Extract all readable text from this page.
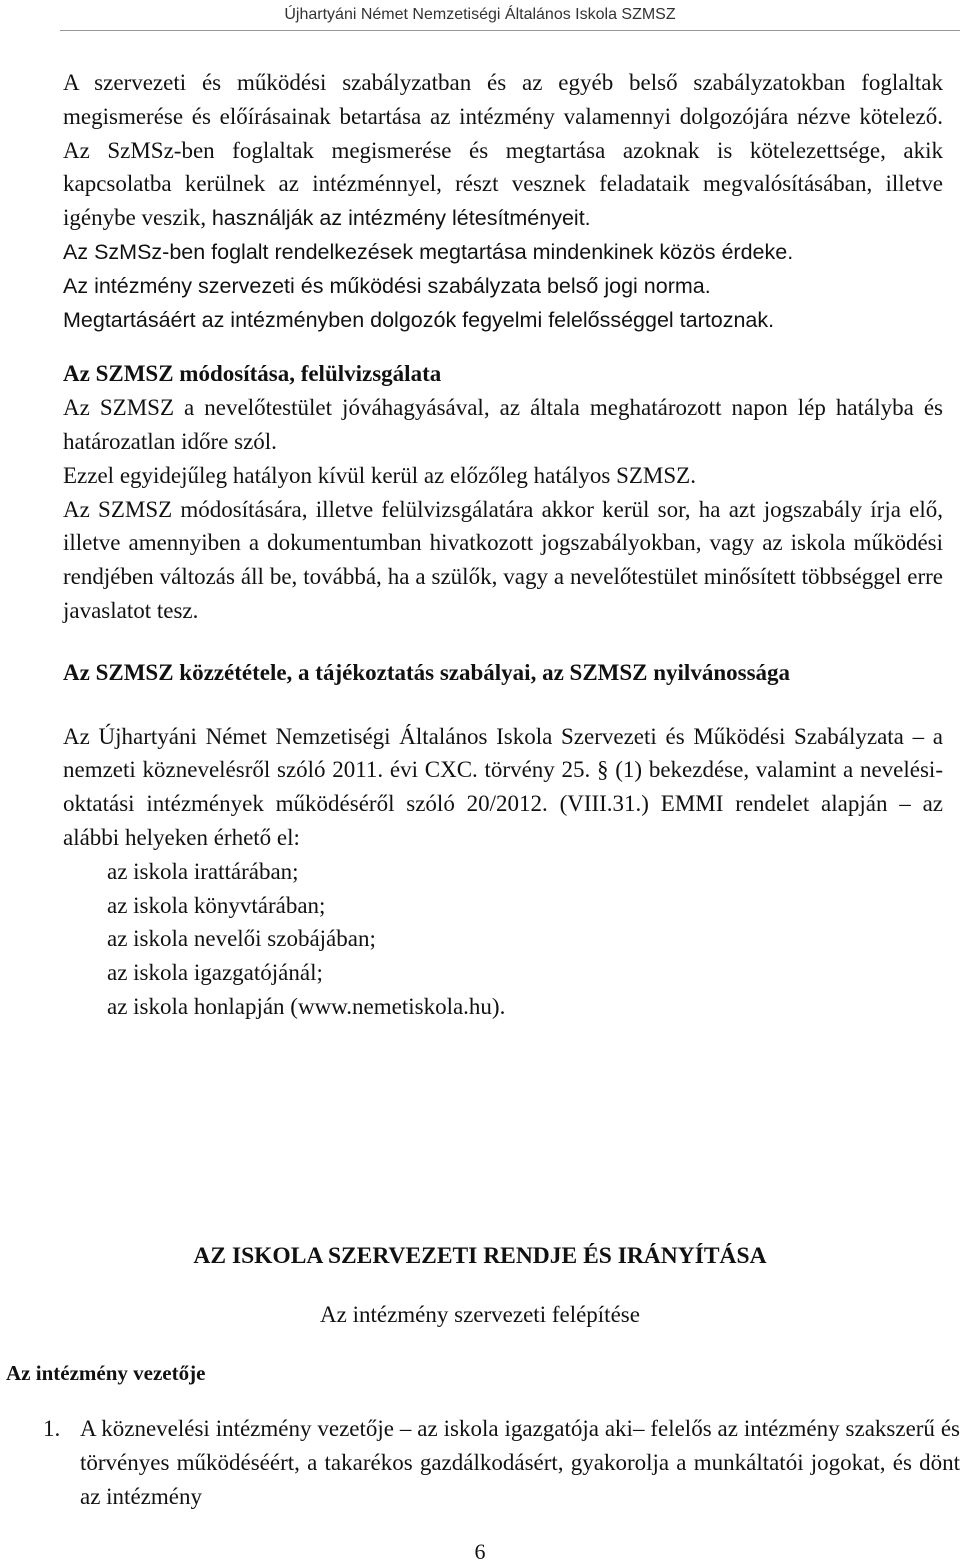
Újhartyáni Német Nemzetiségi Általános Iskola SZMSZ

A szervezeti és működési szabályzatban és az egyéb belső szabályzatokban foglaltak megismerése és előírásainak betartása az intézmény valamennyi dolgozójára nézve kötelező. Az SzMSz-ben foglaltak megismerése és megtartása azoknak is kötelezettsége, akik kapcsolatba kerülnek az intézménnyel, részt vesznek feladataik megvalósításában, illetve igénybe veszik, használják az intézmény létesítményeit.

Az SzMSz-ben foglalt rendelkezések megtartása mindenkinek közös érdeke.

Az intézmény szervezeti és működési szabályzata belső jogi norma.

Megtartásáért az intézményben dolgozók fegyelmi felelősséggel tartoznak.

Az SZMSZ módosítása, felülvizsgálata

Az SZMSZ a nevelőtestület jóváhagyásával, az általa meghatározott napon lép hatályba és határozatlan időre szól.

Ezzel egyidejűleg hatályon kívül kerül az előzőleg hatályos SZMSZ.

Az SZMSZ módosítására, illetve felülvizsgálatára akkor kerül sor, ha azt jogszabály írja elő, illetve amennyiben a dokumentumban hivatkozott jogszabályokban, vagy az iskola működési rendjében változás áll be, továbbá, ha a szülők, vagy a nevelőtestület minősített többséggel erre javaslatot tesz.

Az SZMSZ közzététele, a tájékoztatás szabályai, az SZMSZ nyilvánossága

Az Újhartyáni Német Nemzetiségi Általános Iskola Szervezeti és Működési Szabályzata – a nemzeti köznevelésről szóló 2011. évi CXC. törvény 25. § (1) bekezdése, valamint a nevelési-oktatási intézmények működéséről szóló 20/2012. (VIII.31.) EMMI rendelet alapján – az alábbi helyeken érhető el:

az iskola irattárában;
az iskola könyvtárában;
az iskola nevelői szobájában;
az iskola igazgatójánál;
az iskola honlapján (www.nemetiskola.hu).
AZ ISKOLA SZERVEZETI RENDJE ÉS IRÁNYÍTÁSA
Az intézmény szervezeti felépítése
Az intézmény vezetője
1. A köznevelési intézmény vezetője – az iskola igazgatója aki– felelős az intézmény szakszerű és törvényes működéséért, a takarékos gazdálkodásért, gyakorolja a munkáltatói jogokat, és dönt az intézmény
6
